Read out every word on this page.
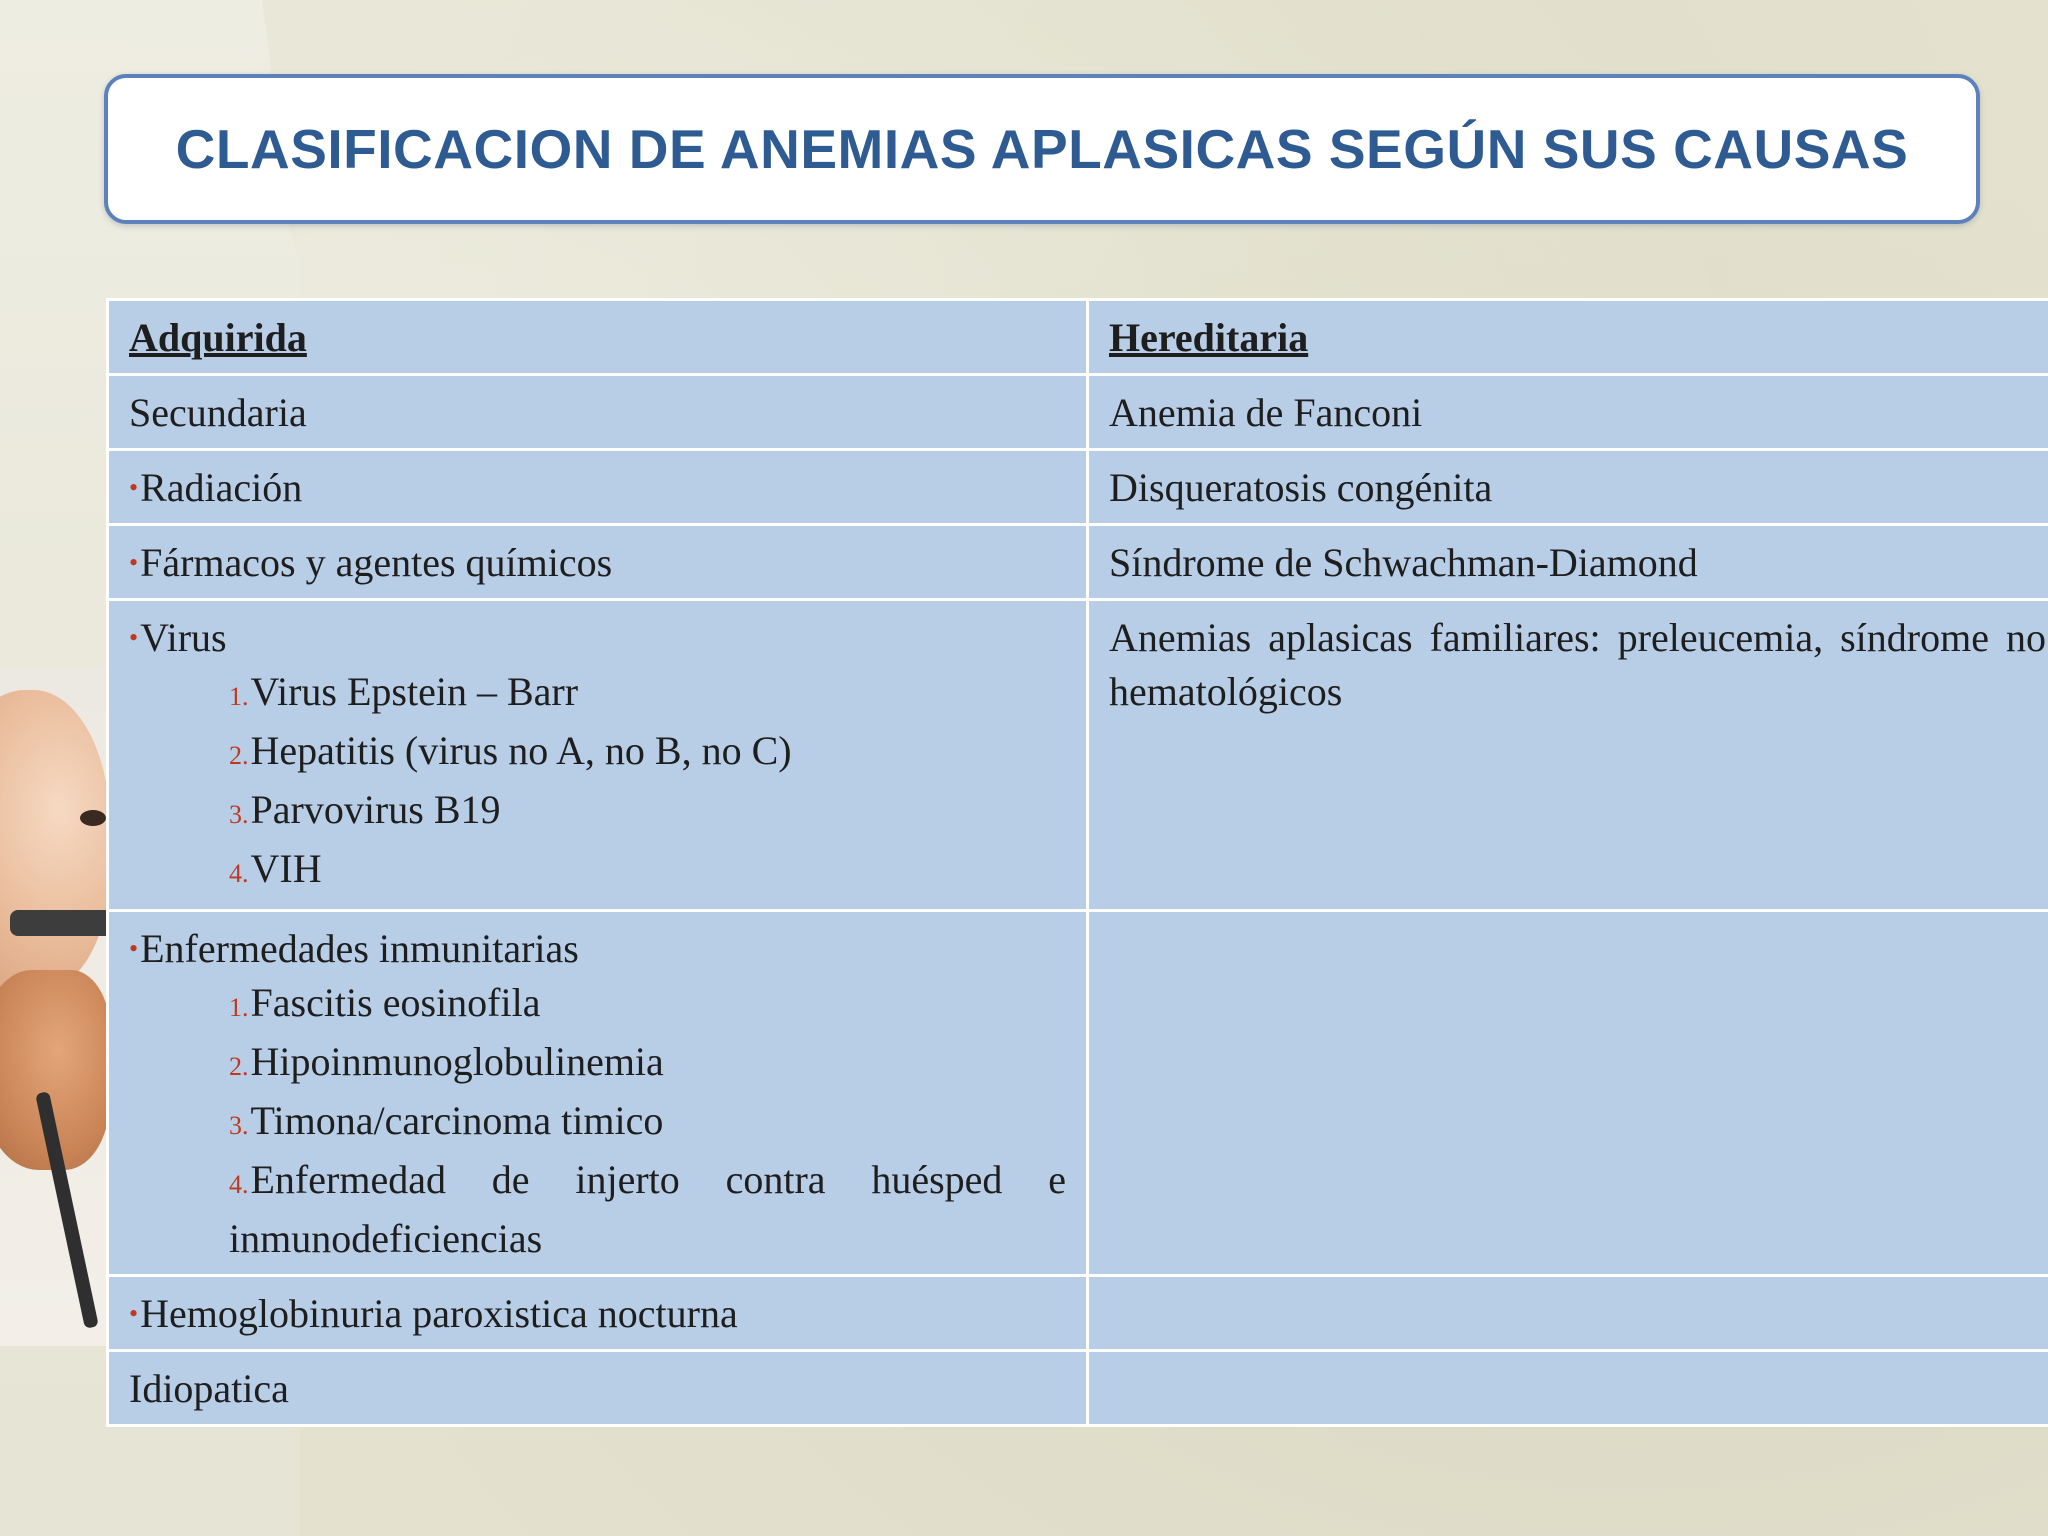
CLASIFICACION DE ANEMIAS APLASICAS SEGÚN SUS CAUSAS
Adquirida	Hereditaria
Secundaria	Anemia de Fanconi
•Radiación	Disqueratosis congénita
•Fármacos y agentes químicos	Síndrome de Schwachman-Diamond

•Virus
1.Virus Epstein – Barr
2.Hepatitis (virus no A, no B, no C)
3.Parvovirus B19
4.VIH	Anemias aplasicas familiares: preleucemia, síndrome no hematológicos

•Enfermedades inmunitarias
1.Fascitis eosinofila
2.Hipoinmunoglobulinemia
3.Timona/carcinoma timico
4.Enfermedad de injerto contra huésped e inmunodeficiencias	

•Hemoglobinuria paroxistica nocturna	
Idiopatica	
